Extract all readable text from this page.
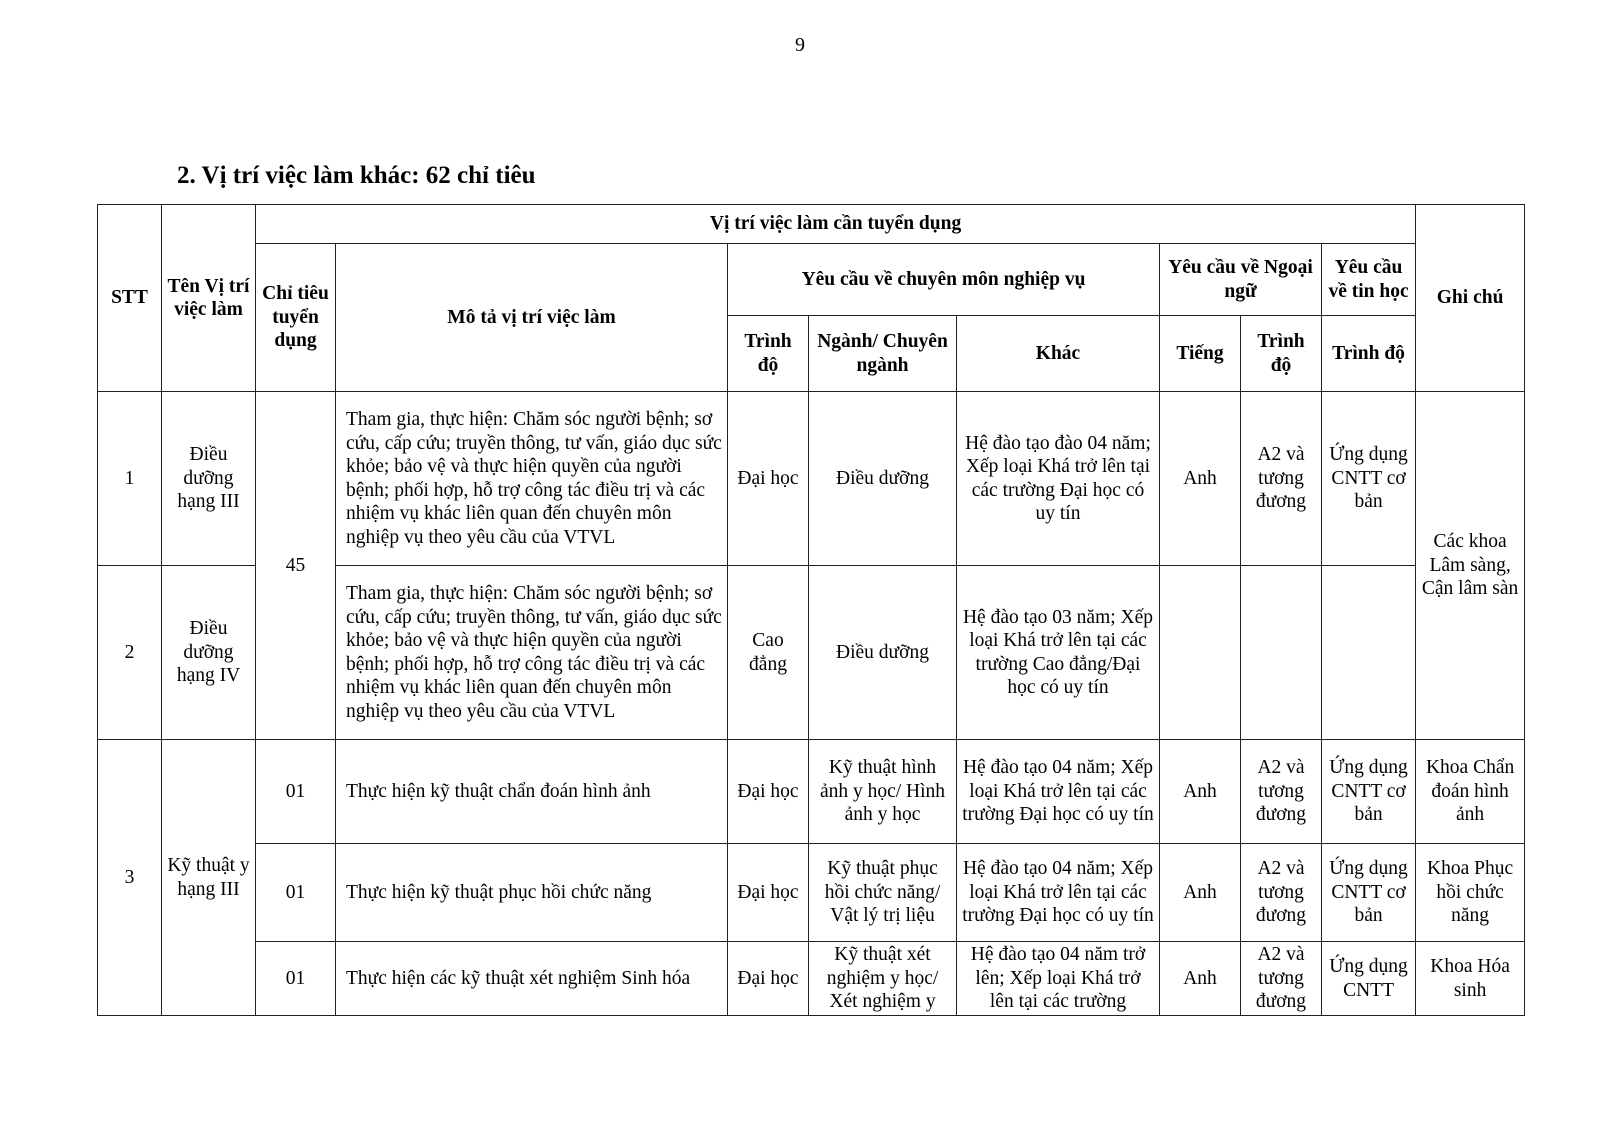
9
2. Vị trí việc làm khác: 62 chỉ tiêu
STT	Tên Vị trí việc làm	Vị trí việc làm cần tuyển dụng								Ghi chú
		Chỉ tiêu tuyển dụng	Mô tả vị trí việc làm	Yêu cầu về chuyên môn nghiệp vụ			Yêu cầu về Ngoại ngữ		Yêu cầu về tin học	
				Trình độ	Ngành/ Chuyên ngành	Khác	Tiếng	Trình độ	Trình độ	
1	Điều dưỡng hạng III	45	Tham gia, thực hiện: Chăm sóc người bệnh; sơ cứu, cấp cứu; truyền thông, tư vấn, giáo dục sức khỏe; bảo vệ và thực hiện quyền của người bệnh; phối hợp, hỗ trợ công tác điều trị và các nhiệm vụ khác liên quan đến chuyên môn nghiệp vụ theo yêu cầu của VTVL	Đại học	Điều dưỡng	Hệ đào tạo đào 04 năm; Xếp loại Khá trở lên tại các trường Đại học có uy tín	Anh	A2 và tương đương	Ứng dụng CNTT cơ bản	Các khoa Lâm sàng, Cận lâm sàn
2	Điều dưỡng hạng IV		Tham gia, thực hiện: Chăm sóc người bệnh; sơ cứu, cấp cứu; truyền thông, tư vấn, giáo dục sức khỏe; bảo vệ và thực hiện quyền của người bệnh; phối hợp, hỗ trợ công tác điều trị và các nhiệm vụ khác liên quan đến chuyên môn nghiệp vụ theo yêu cầu của VTVL	Cao đẳng	Điều dưỡng	Hệ đào tạo 03 năm; Xếp loại Khá trở lên tại các trường Cao đẳng/Đại học có uy tín				
3	Kỹ thuật y hạng III	01	Thực hiện kỹ thuật chẩn đoán hình ảnh	Đại học	Kỹ thuật hình ảnh y học/ Hình ảnh y học	Hệ đào tạo 04 năm; Xếp loại Khá trở lên tại các trường Đại học có uy tín	Anh	A2 và tương đương	Ứng dụng CNTT cơ bản	Khoa Chẩn đoán hình ảnh
		01	Thực hiện kỹ thuật phục hồi chức năng	Đại học	Kỹ thuật phục hồi chức năng/ Vật lý trị liệu	Hệ đào tạo 04 năm; Xếp loại Khá trở lên tại các trường Đại học có uy tín	Anh	A2 và tương đương	Ứng dụng CNTT cơ bản	Khoa Phục hồi chức năng
		01	Thực hiện các kỹ thuật xét nghiệm Sinh hóa	Đại học	Kỹ thuật xét nghiệm y học/ Xét nghiệm y	Hệ đào tạo 04 năm trở lên; Xếp loại Khá trở lên tại các trường	Anh	A2 và tương đương	Ứng dụng CNTT	Khoa Hóa sinh
